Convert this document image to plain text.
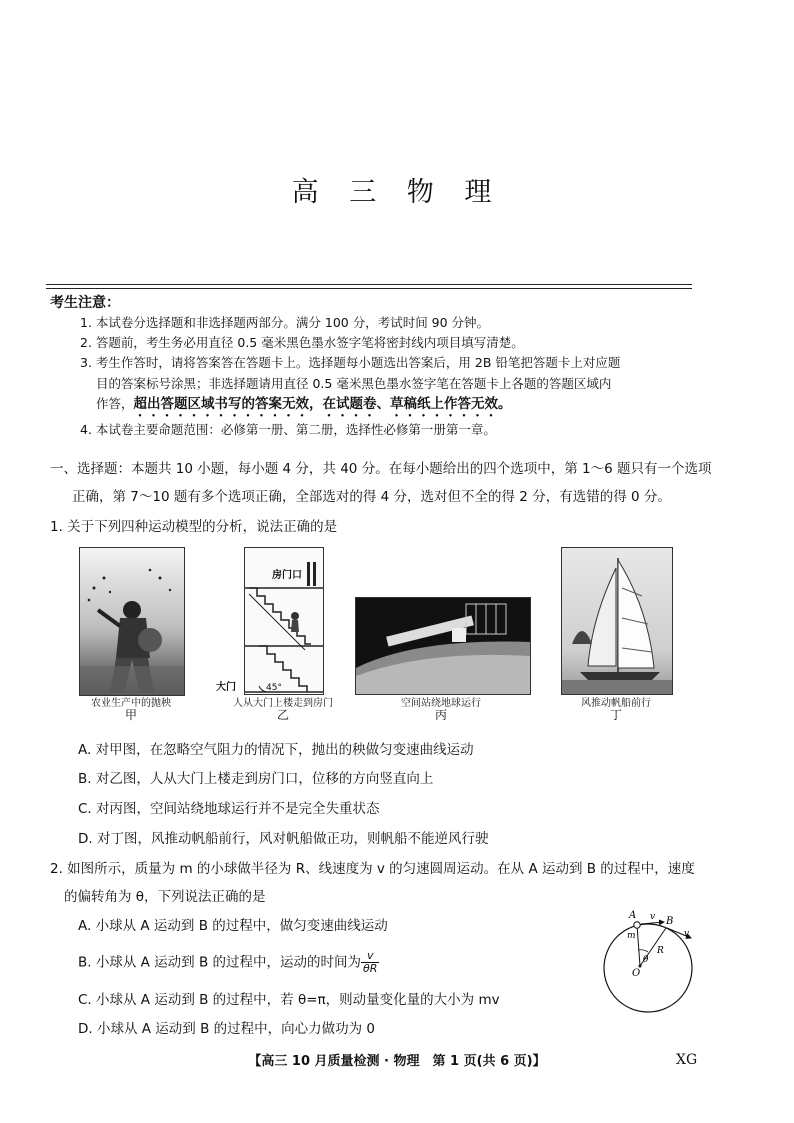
高 三 物 理
考生注意：
1. 本试卷分选择题和非选择题两部分。满分 100 分，考试时间 90 分钟。
2. 答题前，考生务必用直径 0.5 毫米黑色墨水签字笔将密封线内项目填写清楚。
3. 考生作答时，请将答案答在答题卡上。选择题每小题选出答案后，用 2B 铅笔把答题卡上对应题
目的答案标号涂黑；非选择题请用直径 0.5 毫米黑色墨水签字笔在答题卡上各题的答题区域内
作答，超出答题区域书写的答案无效，在试题卷、草稿纸上作答无效。
4. 本试卷主要命题范围：必修第一册、第二册，选择性必修第一册第一章。
一、选择题：本题共 10 小题，每小题 4 分，共 40 分。在每小题给出的四个选项中，第 1～6 题只有一个选项
正确，第 7～10 题有多个选项正确，全部选对的得 4 分，选对但不全的得 2 分，有选错的得 0 分。
1. 关于下列四种运动模型的分析，说法正确的是
农业生产中的抛秧
甲
房门口
大门	45°
人从大门上楼走到房门
乙
空间站绕地球运行
丙
风推动帆船前行
丁
A. 对甲图，在忽略空气阻力的情况下，抛出的秧做匀变速曲线运动
B. 对乙图，人从大门上楼走到房门口，位移的方向竖直向上
C. 对丙图，空间站绕地球运行并不是完全失重状态
D. 对丁图，风推动帆船前行，风对帆船做正功，则帆船不能逆风行驶
2. 如图所示，质量为 m 的小球做半径为 R、线速度为 v 的匀速圆周运动。在从 A 运动到 B 的过程中，速度
的偏转角为 θ，下列说法正确的是
A. 小球从 A 运动到 B 的过程中，做匀变速曲线运动
B. 小球从 A 运动到 B 的过程中，运动的时间为 $\frac{v}{\theta R}$
C. 小球从 A 运动到 B 的过程中，若 θ=π，则动量变化量的大小为 mv
D. 小球从 A 运动到 B 的过程中，向心力做功为 0
A
B
v
v
m
θ
R
O
【高三 10 月质量检测 · 物理　第 1 页(共 6 页)】	XG
